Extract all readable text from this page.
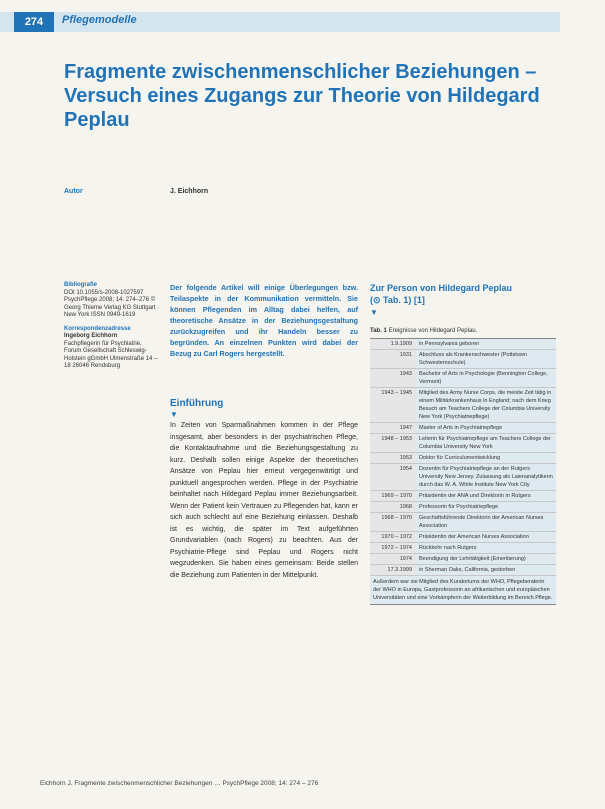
274	Pflegemodelle
Fragmente zwischenmenschlicher Beziehungen – Versuch eines Zugangs zur Theorie von Hildegard Peplau
Autor	J. Eichhorn
Bibliografie
DOI 10.1055/s-2008-1027597 PsychPflege 2008; 14: 274–276 © Georg Thieme Verlag KG Stuttgart · New York ISSN 0949-1619
Korrespondenzadresse
Ingeborg Eichhorn
Fachpflegerin für Psychiatrie, Forum Gesellschaft Schleswig-Holstein gGmbH Ulmenstraße 14 – 18 26046 Rendsburg
Der folgende Artikel will einige Überlegungen bzw. Teilaspekte in der Kommunikation vermitteln. Sie können Pflegenden im Alltag dabei helfen, auf theoretische Ansätze in der Beziehungsgestaltung zurückzugreifen und ihr Handeln besser zu begründen. An einzelnen Punkten wird dabei der Bezug zu Carl Rogers hergestellt.
Einführung
▼
In Zeiten von Sparmaßnahmen kommen in der Pflege insgesamt, aber besonders in der psychiatrischen Pflege, die Kontaktaufnahme und die Beziehungsgestaltung zu kurz. Deshalb sollen einige Aspekte der theoretischen Ansätze von Peplau hier erneut vergegenwärtigt und punktuell angesprochen werden. Pflege in der Psychiatrie beinhaltet nach Hildegard Peplau immer Beziehungsarbeit. Wenn der Patient kein Vertrauen zu Pflegenden hat, kann er sich auch schlecht auf eine Beziehung einlassen. Deshalb ist es wichtig, die später im Text aufgeführten Grundvariablen (nach Rogers) zu beachten. Aus der Psychiatrie-Pflege sind Peplau und Rogers nicht wegzudenken. Sie haben eines gemeinsam: Beide stellen die Beziehung zum Patienten in der Mittelpunkt.
Zur Person von Hildegard Peplau
(⊙ Tab. 1) [1]
▼
Tab. 1 Ereignisse von Hildegard Peplau.
1.9.1909	in Pennsylvania geboren
1931	Abschluss als Krankenschwester (Pottstown Schwesternschule)
1943	Bachelor of Arts in Psychologie (Bennington College, Vermont)
1943 – 1945	Mitglied des Army Nurse Corps, die meiste Zeit tätig in einem Militärkrankenhaus in England; nach dem Krieg Besuch am Teachers College der Columbia University New York (Psychiatriepflege)
1947	Master of Arts in Psychiatriepflege
1948 – 1953	Leiterin für Psychiatriepflege am Teachers College der Columbia University New York
1953	Doktor für Curriculumentwicklung
1954	Dozentin für Psychiatriepflege an der Rutgers University New Jersey. Zulassung als Laienanalytikerin durch das W. A. White Institute New York City
1969 – 1970	Präsidentin der ANA und Direktorin in Rutgers
1968	Professorin für Psychiatriepflege
1968 – 1970	Geschäftsführende Direktorin der American Nurses Association
1970 – 1972	Präsidentin der American Nurses Association
1972 – 1974	Rückkehr nach Rutgers
1974	Beendigung der Lehrtätigkeit (Emeritierung)
17.3.1999	in Sherman Oaks, California, gestorben
Außerdem war sie Mitglied des Kuratoriums der WHO, Pflegeberaterin der WHO in Europa, Gastprofessorin an afrikanischen und europäischen Universitäten und eine Vorkämpferin der Weiterbildung im Bereich Pflege.
Eichhorn J. Fragmente zwischenmenschlicher Beziehungen … PsychPflege 2008; 14: 274 – 276
